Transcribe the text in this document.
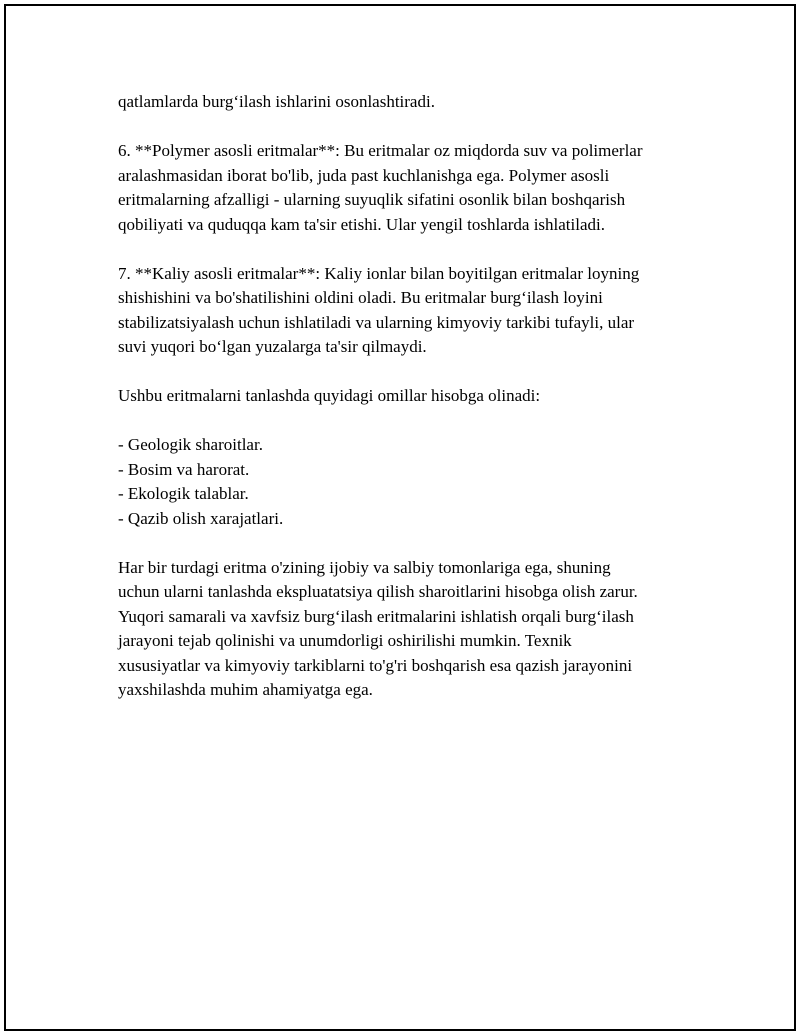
qatlamlarda burg‘ilash ishlarini osonlashtiradi.

6. **Polymer asosli eritmalar**: Bu eritmalar oz miqdorda suv va polimerlar

aralashmasidan iborat bo'lib, juda past kuchlanishga ega. Polymer asosli

eritmalarning afzalligi - ularning suyuqlik sifatini osonlik bilan boshqarish

qobiliyati va quduqqa kam ta'sir etishi. Ular yengil toshlarda ishlatiladi.

7. **Kaliy asosli eritmalar**: Kaliy ionlar bilan boyitilgan eritmalar loyning

shishishini va bo'shatilishini oldini oladi. Bu eritmalar burg‘ilash loyini

stabilizatsiyalash uchun ishlatiladi va ularning kimyoviy tarkibi tufayli, ular

suvi yuqori bo‘lgan yuzalarga ta'sir qilmaydi.

Ushbu eritmalarni tanlashda quyidagi omillar hisobga olinadi:

- Geologik sharoitlar.

- Bosim va harorat.

- Ekologik talablar.

- Qazib olish xarajatlari.

Har bir turdagi eritma o'zining ijobiy va salbiy tomonlariga ega, shuning

uchun ularni tanlashda ekspluatatsiya qilish sharoitlarini hisobga olish zarur.

Yuqori samarali va xavfsiz burg‘ilash eritmalarini ishlatish orqali burg‘ilash

jarayoni tejab qolinishi va unumdorligi oshirilishi mumkin. Texnik

xususiyatlar va kimyoviy tarkiblarni to'g'ri boshqarish esa qazish jarayonini

yaxshilashda muhim ahamiyatga ega.
